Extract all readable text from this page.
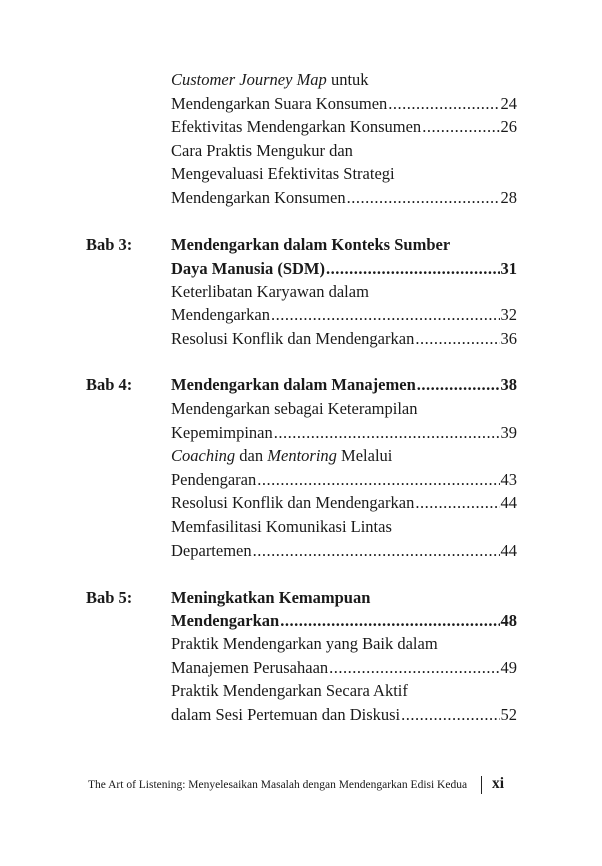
Customer Journey Map untuk
Mendengarkan Suara Konsumen .....	24
Efektivitas Mendengarkan Konsumen .....	26
Cara Praktis Mengukur dan
Mengevaluasi Efektivitas Strategi
Mendengarkan Konsumen .....	28
Bab 3: Mendengarkan dalam Konteks Sumber
Daya Manusia (SDM) .....	31
Keterlibatan Karyawan dalam
Mendengarkan .....	32
Resolusi Konflik dan Mendengarkan .....	36
Bab 4: Mendengarkan dalam Manajemen .....	38
Mendengarkan sebagai Keterampilan
Kepemimpinan .....	39
Coaching dan Mentoring Melalui
Pendengaran .....	43
Resolusi Konflik dan Mendengarkan .....	44
Memfasilitasi Komunikasi Lintas
Departemen .....	44
Bab 5: Meningkatkan Kemampuan
Mendengarkan .....	48
Praktik Mendengarkan yang Baik dalam
Manajemen Perusahaan .....	49
Praktik Mendengarkan Secara Aktif
dalam Sesi Pertemuan dan Diskusi .....	52
The Art of Listening: Menyelesaikan Masalah dengan Mendengarkan Edisi Kedua xi
